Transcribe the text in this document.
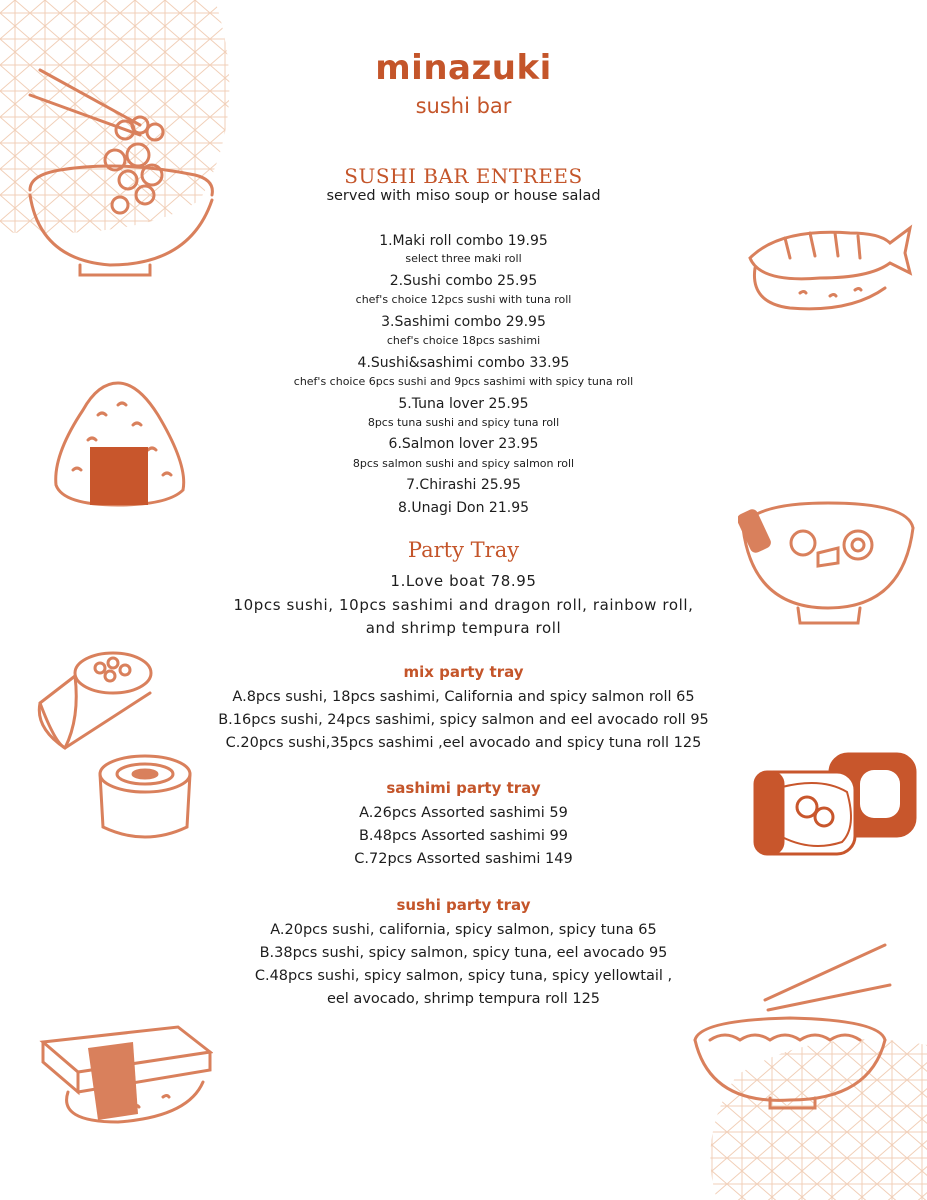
minazuki
sushi bar
SUSHI BAR ENTREES
served with miso soup or house salad
1.Maki roll combo 19.95
select three maki roll
2.Sushi combo 25.95
chef's choice 12pcs sushi with tuna roll
3.Sashimi combo 29.95
chef's choice 18pcs sashimi
4.Sushi&sashimi combo 33.95
chef's choice 6pcs sushi and 9pcs sashimi with spicy tuna roll
5.Tuna lover 25.95
8pcs tuna sushi and spicy tuna roll
6.Salmon lover 23.95
8pcs salmon sushi and spicy salmon roll
7.Chirashi 25.95
8.Unagi Don 21.95
Party Tray
1.Love boat 78.95
10pcs sushi, 10pcs sashimi and dragon roll, rainbow roll,
and shrimp tempura roll
mix party tray
A.8pcs sushi, 18pcs sashimi, California and spicy salmon roll 65
B.16pcs sushi, 24pcs sashimi, spicy salmon and eel avocado roll 95
C.20pcs sushi,35pcs sashimi ,eel avocado and spicy tuna roll 125
sashimi party tray
A.26pcs Assorted sashimi 59
B.48pcs Assorted sashimi 99
C.72pcs Assorted sashimi 149
sushi party tray
A.20pcs sushi, california, spicy salmon, spicy tuna 65
B.38pcs sushi, spicy salmon, spicy tuna, eel avocado 95
C.48pcs sushi, spicy salmon, spicy tuna, spicy yellowtail ,
eel avocado, shrimp tempura roll 125
